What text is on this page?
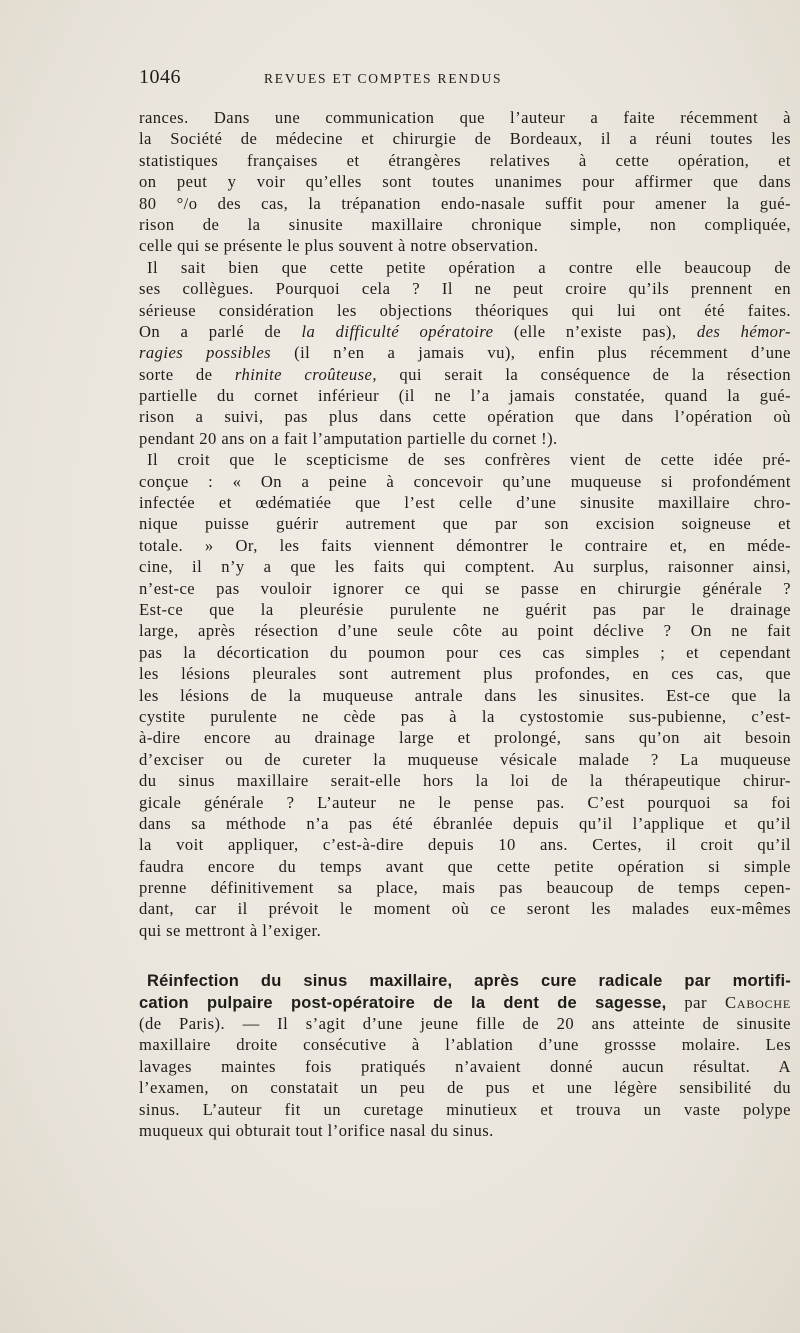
1046	REVUES ET COMPTES RENDUS
rances. Dans une communication que l’auteur a faite récemment à
la Société de médecine et chirurgie de Bordeaux, il a réuni toutes les
statistiques françaises et étrangères relatives à cette opération, et
on peut y voir qu’elles sont toutes unanimes pour affirmer que dans
80 °/o des cas, la trépanation endo-nasale suffit pour amener la gué-
rison de la sinusite maxillaire chronique simple, non compliquée,
celle qui se présente le plus souvent à notre observation.
Il sait bien que cette petite opération a contre elle beaucoup de
ses collègues. Pourquoi cela ? Il ne peut croire qu’ils prennent en
sérieuse considération les objections théoriques qui lui ont été faites.
On a parlé de la difficulté opératoire (elle n’existe pas), des hémor-
ragies possibles (il n’en a jamais vu), enfin plus récemment d’une
sorte de rhinite croûteuse, qui serait la conséquence de la résection
partielle du cornet inférieur (il ne l’a jamais constatée, quand la gué-
rison a suivi, pas plus dans cette opération que dans l’opération où
pendant 20 ans on a fait l’amputation partielle du cornet !).
Il croit que le scepticisme de ses confrères vient de cette idée pré-
conçue : « On a peine à concevoir qu’une muqueuse si profondément
infectée et œdématiée que l’est celle d’une sinusite maxillaire chro-
nique puisse guérir autrement que par son excision soigneuse et
totale. » Or, les faits viennent démontrer le contraire et, en méde-
cine, il n’y a que les faits qui comptent. Au surplus, raisonner ainsi,
n’est-ce pas vouloir ignorer ce qui se passe en chirurgie générale ?
Est-ce que la pleurésie purulente ne guérit pas par le drainage
large, après résection d’une seule côte au point déclive ? On ne fait
pas la décortication du poumon pour ces cas simples ; et cependant
les lésions pleurales sont autrement plus profondes, en ces cas, que
les lésions de la muqueuse antrale dans les sinusites. Est-ce que la
cystite purulente ne cède pas à la cystostomie sus-pubienne, c’est-
à-dire encore au drainage large et prolongé, sans qu’on ait besoin
d’exciser ou de cureter la muqueuse vésicale malade ? La muqueuse
du sinus maxillaire serait-elle hors la loi de la thérapeutique chirur-
gicale générale ? L’auteur ne le pense pas. C’est pourquoi sa foi
dans sa méthode n’a pas été ébranlée depuis qu’il l’applique et qu’il
la voit appliquer, c’est-à-dire depuis 10 ans. Certes, il croit qu’il
faudra encore du temps avant que cette petite opération si simple
prenne définitivement sa place, mais pas beaucoup de temps cepen-
dant, car il prévoit le moment où ce seront les malades eux-mêmes
qui se mettront à l’exiger.
Réinfection du sinus maxillaire, après cure radicale par mortifi-
cation pulpaire post-opératoire de la dent de sagesse, par Caboche
(de Paris). — Il s’agit d’une jeune fille de 20 ans atteinte de sinusite
maxillaire droite consécutive à l’ablation d’une grossse molaire. Les
lavages maintes fois pratiqués n’avaient donné aucun résultat. A
l’examen, on constatait un peu de pus et une légère sensibilité du
sinus. L’auteur fit un curetage minutieux et trouva un vaste polype
muqueux qui obturait tout l’orifice nasal du sinus.
